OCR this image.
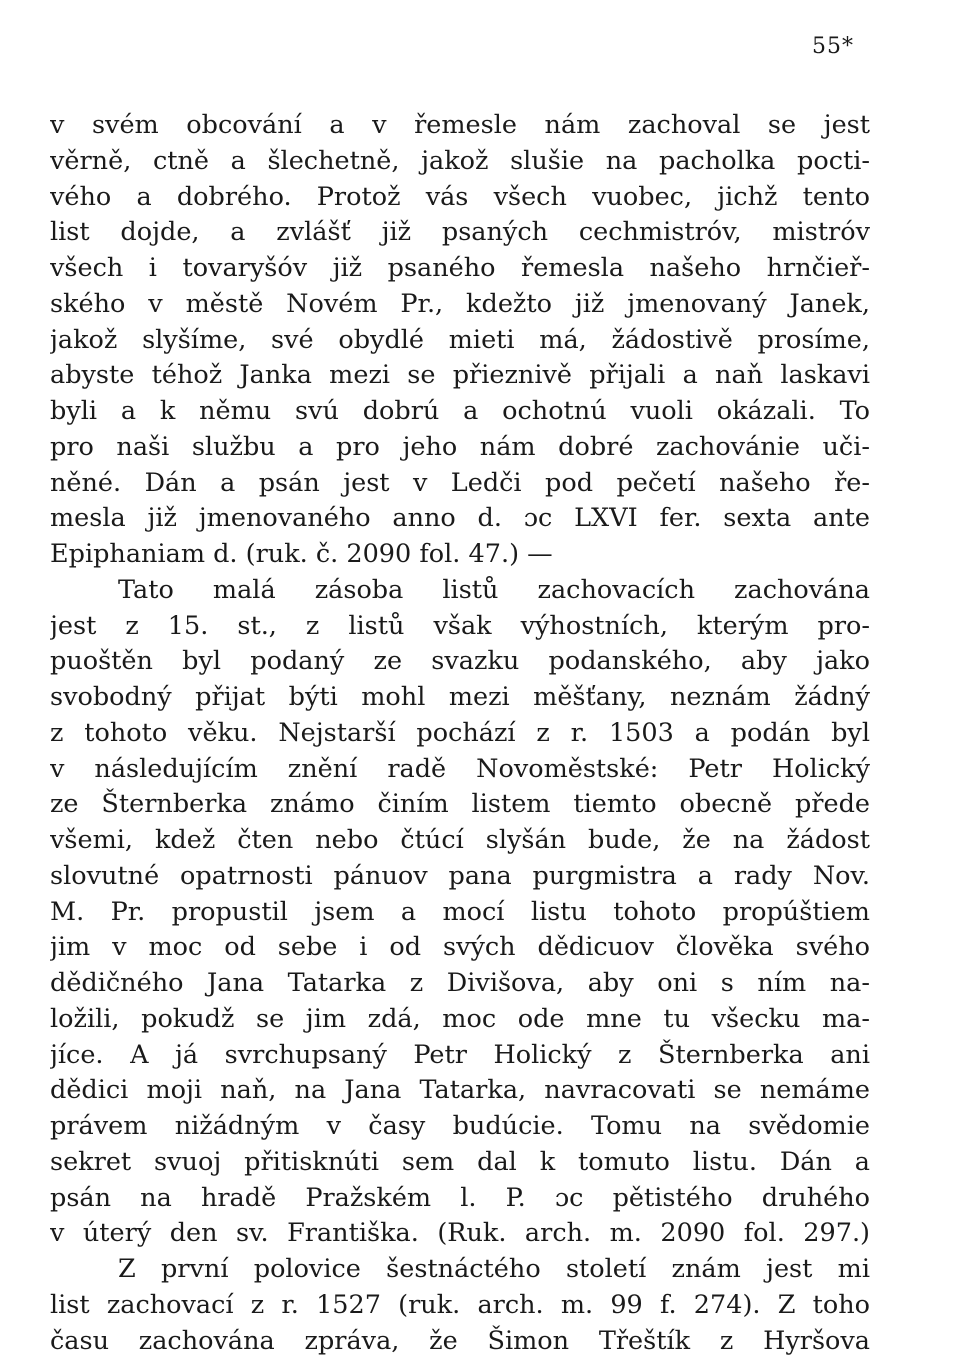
55*
v svém obcování a v řemesle nám zachoval se jest
věrně, ctně a šlechetně, jakož slušie na pacholka pocti-
vého a dobrého. Protož vás všech vuobec, jichž tento
list dojde, a zvlášť již psaných cechmistróv, mistróv
všech i tovaryšóv již psaného řemesla našeho hrnčieř-
ského v městě Novém Pr., kdežto již jmenovaný Janek,
jakož slyšíme, své obydlé mieti má, žádostivě prosíme,
abyste téhož Janka mezi se přieznivě přijali a naň laskavi
byli a k němu svú dobrú a ochotnú vuoli okázali. To
pro naši službu a pro jeho nám dobré zachovánie uči-
něné. Dán a psán jest v Ledči pod pečetí našeho ře-
mesla již jmenovaného anno d. ɔc LXVI fer. sexta ante
Epiphaniam d. (ruk. č. 2090 fol. 47.) —
Tato malá zásoba listů zachovacích zachována
jest z 15. st., z listů však výhostních, kterým pro-
puoštěn byl podaný ze svazku podanského, aby jako
svobodný přijat býti mohl mezi měšťany, neznám žádný
z tohoto věku. Nejstarší pochází z r. 1503 a podán byl
v následujícím znění radě Novoměstské: Petr Holický
ze Šternberka známo činím listem tiemto obecně přede
všemi, kdež čten nebo čtúcí slyšán bude, že na žádost
slovutné opatrnosti pánuov pana purgmistra a rady Nov.
M. Pr. propustil jsem a mocí listu tohoto propúštiem
jim v moc od sebe i od svých dědicuov člověka svého
dědičného Jana Tatarka z Divišova, aby oni s ním na-
ložili, pokudž se jim zdá, moc ode mne tu všecku ma-
jíce. A já svrchupsaný Petr Holický z Šternberka ani
dědici moji naň, na Jana Tatarka, navracovati se nemáme
právem nižádným v časy budúcie. Tomu na svědomie
sekret svuoj přitisknúti sem dal k tomuto listu. Dán a
psán na hradě Pražském l. P. ɔc pětistého druhého
v úterý den sv. Františka. (Ruk. arch. m. 2090 fol. 297.)
Z první polovice šestnáctého století znám jest mi
list zachovací z r. 1527 (ruk. arch. m. 99 f. 274). Z toho
času zachována zpráva, že Šimon Třeštík z Hyršova
